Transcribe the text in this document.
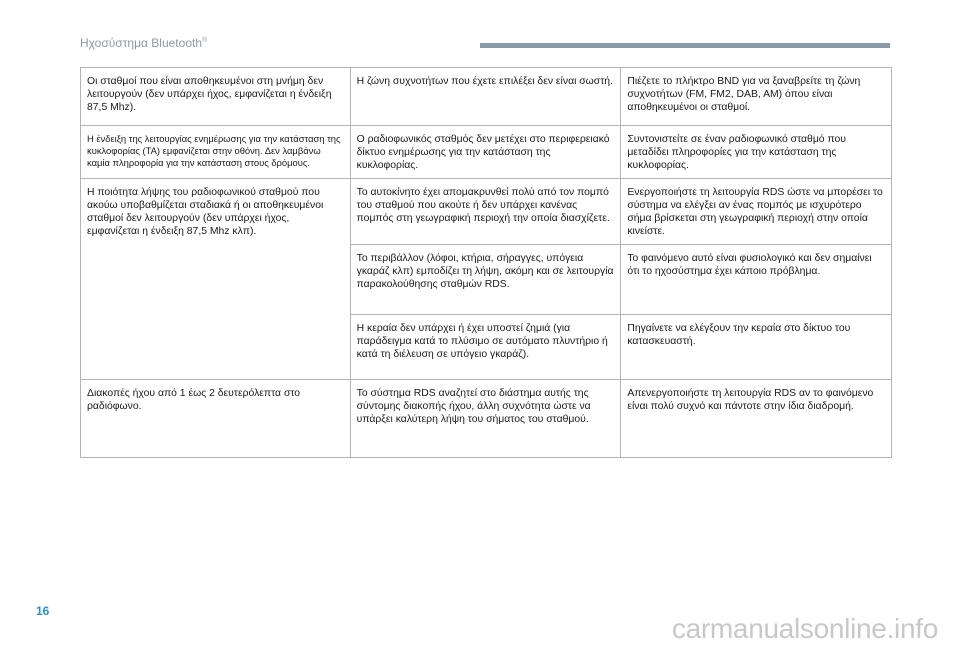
Ηχοσύστημα Bluetooth®
Οι σταθμοί που είναι αποθηκευμένοι στη μνήμη δεν λειτουργούν (δεν υπάρχει ήχος, εμφανίζεται η ένδειξη 87,5 Mhz).	Η ζώνη συχνοτήτων που έχετε επιλέξει δεν είναι σωστή.	Πιέζετε το πλήκτρο BND για να ξαναβρείτε τη ζώνη συχνοτήτων (FM, FM2, DAB, AM) όπου είναι αποθηκευμένοι οι σταθμοί.
Η ένδειξη της λειτουργίας ενημέρωσης για την κατάσταση της κυκλοφορίας (TA) εμφανίζεται στην οθόνη. Δεν λαμβάνω καμία πληροφορία για την κατάσταση στους δρόμους.	Ο ραδιοφωνικός σταθμός δεν μετέχει στο περιφερειακό δίκτυο ενημέρωσης για την κατάσταση της κυκλοφορίας.	Συντονιστείτε σε έναν ραδιοφωνικό σταθμό που μεταδίδει πληροφορίες για την κατάσταση της κυκλοφορίας.
Η ποιότητα λήψης του ραδιοφωνικού σταθμού που ακούω υποβαθμίζεται σταδιακά ή οι αποθηκευμένοι σταθμοί δεν λειτουργούν (δεν υπάρχει ήχος, εμφανίζεται η ένδειξη 87,5 Mhz κλπ).	Το αυτοκίνητο έχει απομακρυνθεί πολύ από τον πομπό του σταθμού που ακούτε ή δεν υπάρχει κανένας πομπός στη γεωγραφική περιοχή την οποία διασχίζετε.	Ενεργοποιήστε τη λειτουργία RDS ώστε να μπορέσει το σύστημα να ελέγξει αν ένας πομπός με ισχυρότερο σήμα βρίσκεται στη γεωγραφική περιοχή στην οποία κινείστε.
	Το περιβάλλον (λόφοι, κτήρια, σήραγγες, υπόγεια γκαράζ κλπ) εμποδίζει τη λήψη, ακόμη και σε λειτουργία παρακολούθησης σταθμών RDS.	Το φαινόμενο αυτό είναι φυσιολογικό και δεν σημαίνει ότι το ηχοσύστημα έχει κάποιο πρόβλημα.
	Η κεραία δεν υπάρχει ή έχει υποστεί ζημιά (για παράδειγμα κατά το πλύσιμο σε αυτόματο πλυντήριο ή κατά τη διέλευση σε υπόγειο γκαράζ).	Πηγαίνετε να ελέγξουν την κεραία στο δίκτυο του κατασκευαστή.
Διακοπές ήχου από 1 έως 2 δευτερόλεπτα στο ραδιόφωνο.	Το σύστημα RDS αναζητεί στο διάστημα αυτής της σύντομης διακοπής ήχου, άλλη συχνότητα ώστε να υπάρξει καλύτερη λήψη του σήματος του σταθμού.	Απενεργοποιήστε τη λειτουργία RDS αν το φαινόμενο είναι πολύ συχνό και πάντοτε στην ίδια διαδρομή.
16
carmanualsonline.info
